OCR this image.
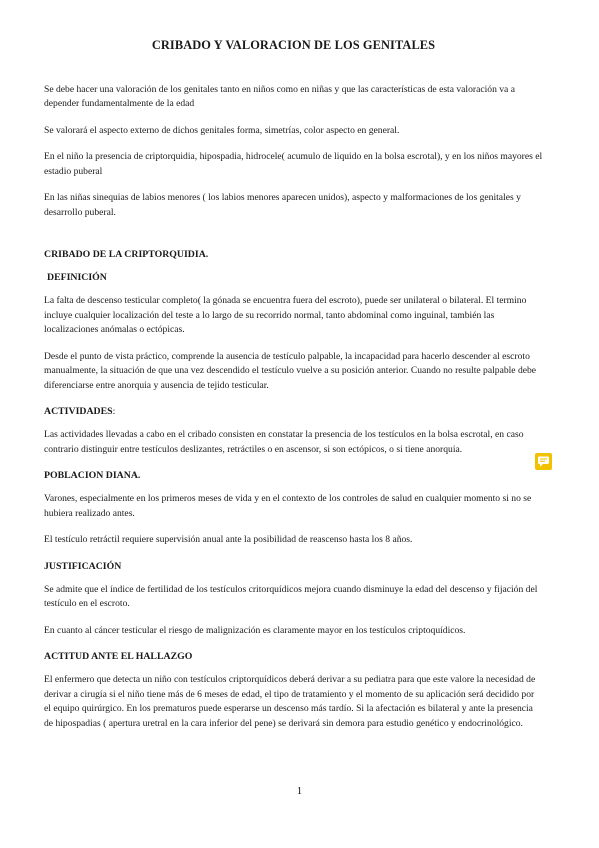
CRIBADO Y VALORACION DE LOS GENITALES

Se debe hacer una valoración de los genitales tanto en niños como en niñas y que las características de esta valoración va a depender fundamentalmente de la edad

Se valorará el aspecto externo de dichos genitales forma, simetrías, color aspecto en general.

En el niño la presencia de criptorquidia, hipospadia, hidrocele( acumulo de liquido en la bolsa escrotal), y en los niños mayores el estadio puberal

En las niñas sinequias de labios menores ( los labios menores aparecen unidos), aspecto y malformaciones de los genitales y desarrollo puberal.

CRIBADO DE LA CRIPTORQUIDIA.
DEFINICIÓN

La falta de descenso testicular completo( la gónada se encuentra fuera del escroto), puede ser unilateral o bilateral. El termino incluye cualquier localización del teste a lo largo de su recorrido normal, tanto abdominal como inguinal, también las localizaciones anómalas o ectópicas.

Desde el punto de vista práctico, comprende la ausencia de testículo palpable, la incapacidad para hacerlo descender al escroto manualmente, la situación de que una vez descendido el testículo vuelve a su posición anterior. Cuando no resulte palpable debe diferenciarse entre anorquia y ausencia de tejido testicular.

ACTIVIDADES:

Las actividades llevadas a cabo en el cribado consisten en constatar la presencia de los testículos en la bolsa escrotal, en caso contrario distinguir entre testículos deslizantes, retráctiles o en ascensor, si son ectópicos, o si tiene anorquia.

POBLACION DIANA.

Varones, especialmente en los primeros meses de vida y en el contexto de los controles de salud en cualquier momento si no se hubiera realizado antes.

El testículo retráctil requiere supervisión anual ante la posibilidad de reascenso hasta los 8 años.

JUSTIFICACIÓN

Se admite que el índice de fertilidad de los testículos critorquídicos mejora cuando disminuye la edad del descenso y fijación del testículo en el escroto.

En cuanto al cáncer testicular el riesgo de malignización es claramente mayor en los testículos criptoquídicos.

ACTITUD ANTE EL HALLAZGO

El enfermero que detecta un niño con testículos criptorquídicos deberá derivar a su pediatra para que este valore la necesidad de derivar a cirugía si el niño tiene más de 6 meses de edad, el tipo de tratamiento y el momento de su aplicación será decidido por el equipo quirúrgico. En los prematuros puede esperarse un descenso más tardío. Si la afectación es bilateral y ante la presencia de hipospadias ( apertura uretral en la cara inferior del pene) se derivará sin demora para estudio genético y endocrinológico.

1
